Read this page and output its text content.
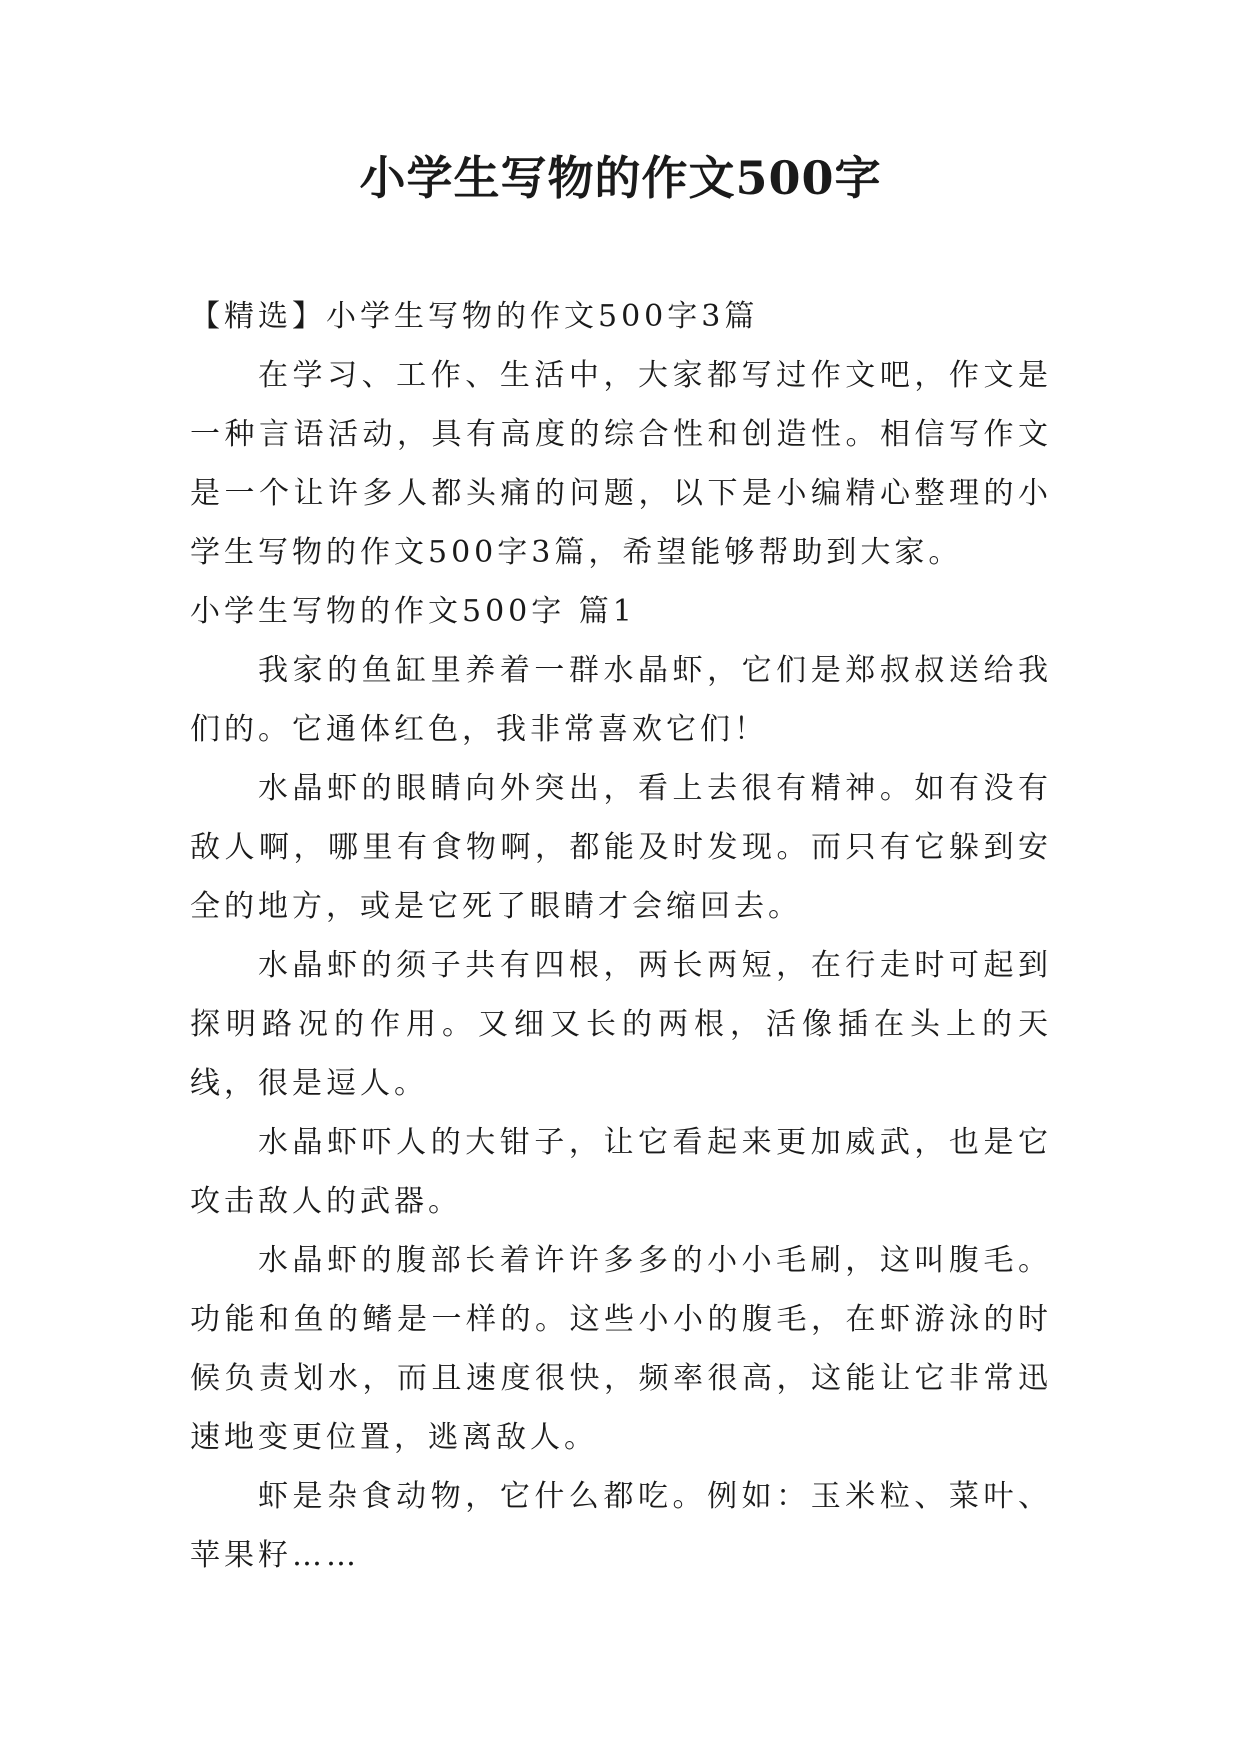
小学生写物的作文500字

【精选】小学生写物的作文500字3篇

在学习、工作、生活中，大家都写过作文吧，作文是一种言语活动，具有高度的综合性和创造性。相信写作文是一个让许多人都头痛的问题，以下是小编精心整理的小学生写物的作文500字3篇，希望能够帮助到大家。

小学生写物的作文500字 篇1

我家的鱼缸里养着一群水晶虾，它们是郑叔叔送给我们的。它通体红色，我非常喜欢它们！

水晶虾的眼睛向外突出，看上去很有精神。如有没有敌人啊，哪里有食物啊，都能及时发现。而只有它躲到安全的地方，或是它死了眼睛才会缩回去。

水晶虾的须子共有四根，两长两短，在行走时可起到探明路况的作用。又细又长的两根，活像插在头上的天线，很是逗人。

水晶虾吓人的大钳子，让它看起来更加威武，也是它攻击敌人的武器。

水晶虾的腹部长着许许多多的小小毛刷，这叫腹毛。功能和鱼的鳍是一样的。这些小小的腹毛，在虾游泳的时候负责划水，而且速度很快，频率很高，这能让它非常迅速地变更位置，逃离敌人。

虾是杂食动物，它什么都吃。例如：玉米粒、菜叶、苹果籽……
